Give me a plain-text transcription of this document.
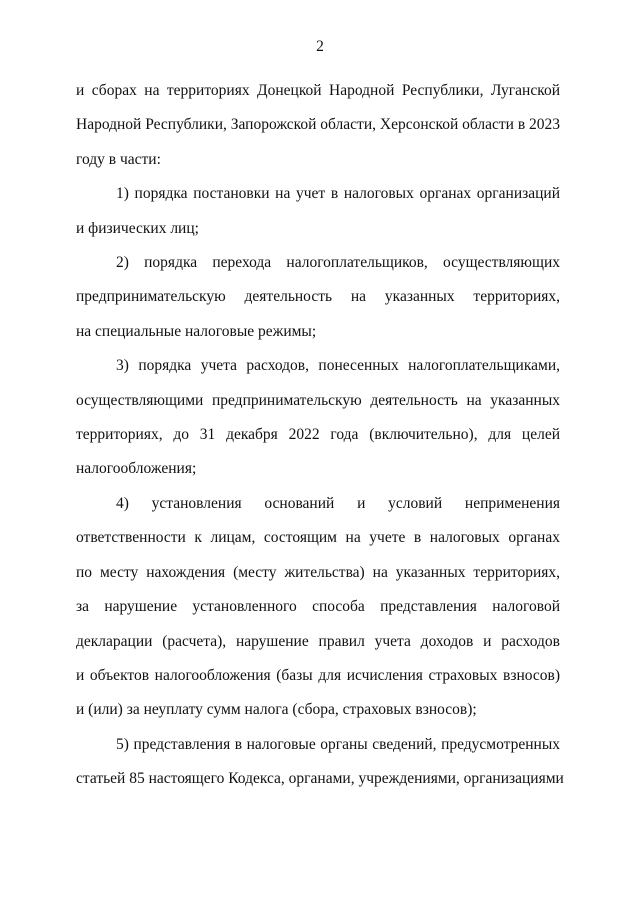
2

и сборах на территориях Донецкой Народной Республики, Луганской
Народной Республики, Запорожской области, Херсонской области в 2023
году в части:

1) порядка постановки на учет в налоговых органах организаций
и физических лиц;

2) порядка перехода налогоплательщиков, осуществляющих
предпринимательскую деятельность на указанных территориях,
на специальные налоговые режимы;

3) порядка учета расходов, понесенных налогоплательщиками,
осуществляющими предпринимательскую деятельность на указанных
территориях, до 31 декабря 2022 года (включительно), для целей
налогообложения;

4) установления оснований и условий неприменения
ответственности к лицам, состоящим на учете в налоговых органах
по месту нахождения (месту жительства) на указанных территориях,
за нарушение установленного способа представления налоговой
декларации (расчета), нарушение правил учета доходов и расходов
и объектов налогообложения (базы для исчисления страховых взносов)
и (или) за неуплату сумм налога (сбора, страховых взносов);

5) представления в налоговые органы сведений, предусмотренных
статьей 85 настоящего Кодекса, органами, учреждениями, организациями
